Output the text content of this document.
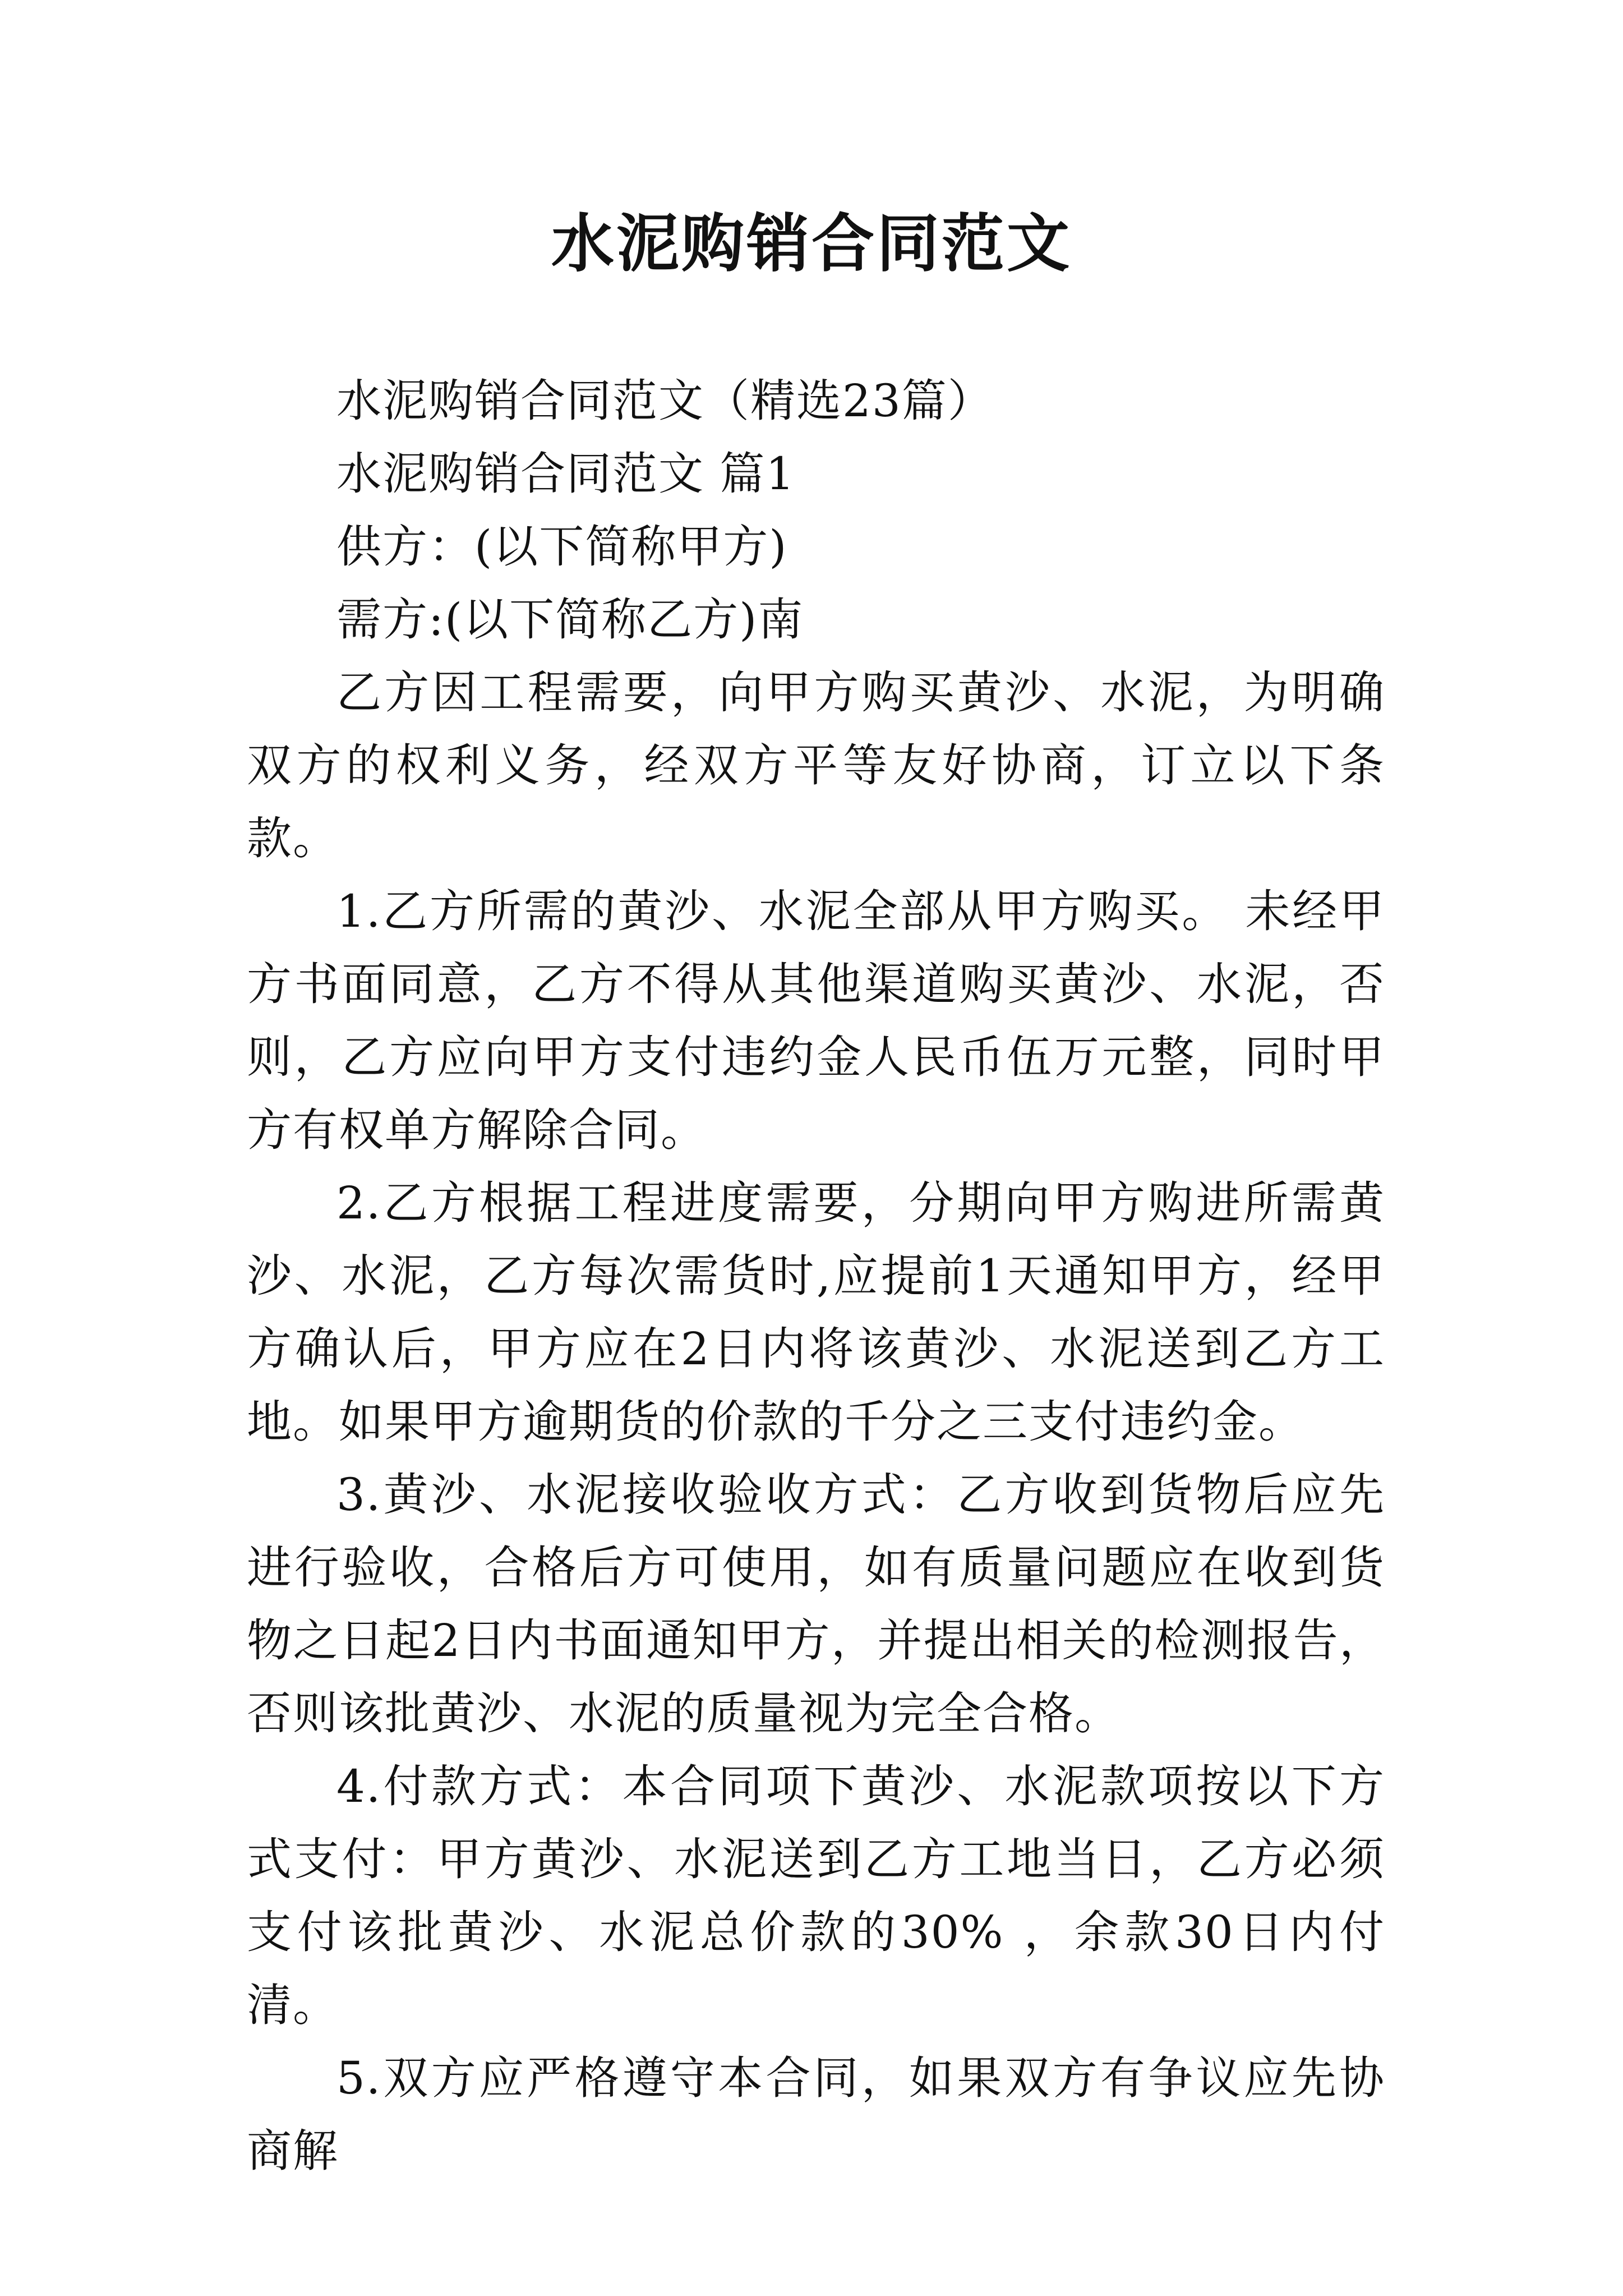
水泥购销合同范文

水泥购销合同范文（精选23篇）

水泥购销合同范文 篇1

供方：(以下简称甲方)

需方:(以下简称乙方)南

乙方因工程需要，向甲方购买黄沙、水泥，为明确双方的权利义务，经双方平等友好协商，订立以下条款。

1.乙方所需的黄沙、水泥全部从甲方购买。 未经甲方书面同意，乙方不得从其他渠道购买黄沙、水泥，否则，乙方应向甲方支付违约金人民币伍万元整，同时甲方有权单方解除合同。

2.乙方根据工程进度需要，分期向甲方购进所需黄沙、水泥，乙方每次需货时,应提前1天通知甲方，经甲方确认后，甲方应在2日内将该黄沙、水泥送到乙方工地。如果甲方逾期货的价款的千分之三支付违约金。

3.黄沙、水泥接收验收方式：乙方收到货物后应先进行验收，合格后方可使用，如有质量问题应在收到货物之日起2日内书面通知甲方，并提出相关的检测报告，否则该批黄沙、水泥的质量视为完全合格。

4.付款方式：本合同项下黄沙、水泥款项按以下方式支付：甲方黄沙、水泥送到乙方工地当日，乙方必须支付该批黄沙、水泥总价款的30% ，余款30日内付清。

5.双方应严格遵守本合同，如果双方有争议应先协商解
